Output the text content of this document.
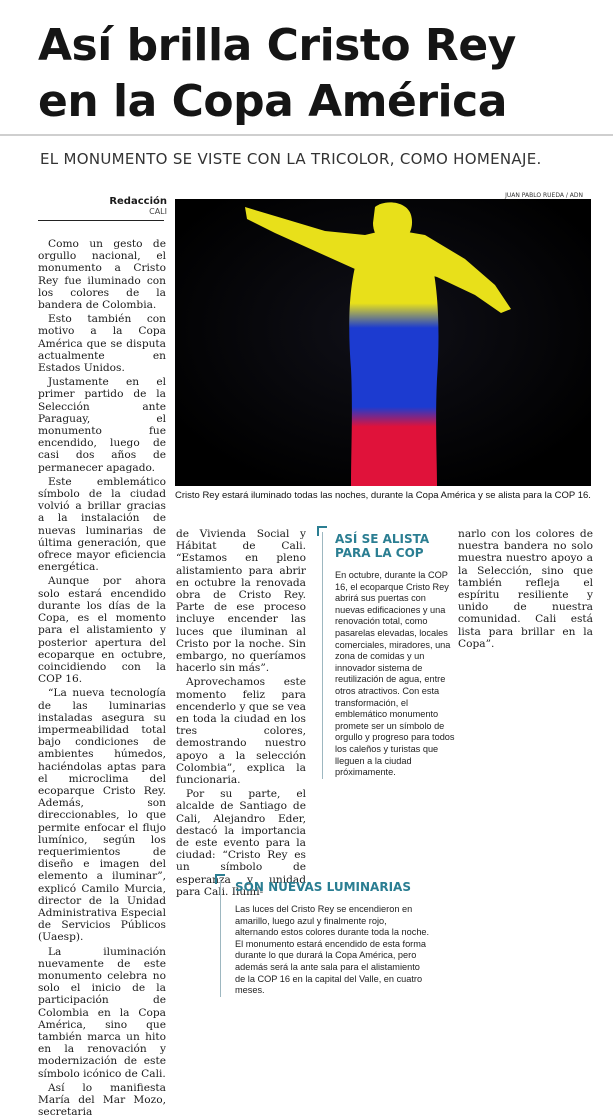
Así brilla Cristo Rey
en la Copa América
EL MONUMENTO SE VISTE CON LA TRICOLOR, COMO HOMENAJE.
Redacción
CALI
JUAN PABLO RUEDA / ADN
Cristo Rey estará iluminado todas las noches, durante la Copa América y se alista para la COP 16.

Como un gesto de orgullo nacional, el monumento a Cristo Rey fue iluminado con los colores de la bandera de Colombia.

Esto también con motivo a la Copa América que se disputa actualmente en Estados Unidos.

Justamente en el primer partido de la Selección ante Paraguay, el monumento fue encendido, luego de casi dos años de permanecer apagado.

Este emblemático símbolo de la ciudad volvió a brillar gracias a la instalación de nuevas luminarias de última generación, que ofrece mayor eficiencia energética.

Aunque por ahora solo estará encendido durante los días de la Copa, es el momento para el alistamiento y posterior apertura del ecoparque en octubre, coincidiendo con la COP 16.

“La nueva tecnología de las luminarias instaladas asegura su impermeabilidad total bajo condiciones de ambientes húmedos, haciéndolas aptas para el microclima del ecoparque Cristo Rey. Además, son direccionables, lo que permite enfocar el flujo lumínico, según los requerimientos de diseño e imagen del elemento a iluminar”, explicó Camilo Murcia, director de la Unidad Administrativa Especial de Servicios Públicos (Uaesp).

La iluminación nuevamente de este monumento celebra no solo el inicio de la participación de Colombia en la Copa América, sino que también marca un hito en la renovación y modernización de este símbolo icónico de Cali.

Así lo manifiesta María del Mar Mozo, secretaria

de Vivienda Social y Hábitat de Cali. “Estamos en pleno alistamiento para abrir en octubre la renovada obra de Cristo Rey. Parte de ese proceso incluye encender las luces que iluminan al Cristo por la noche. Sin embargo, no queríamos hacerlo sin más”.

Aprovechamos este momento feliz para encenderlo y que se vea en toda la ciudad en los tres colores, demostrando nuestro apoyo a la selección Colombia”, explica la funcionaria.

Por su parte, el alcalde de Santiago de Cali, Alejandro Eder, destacó la importancia de este evento para la ciudad: “Cristo Rey es un símbolo de esperanza y unidad para Cali. Ilumi-

ASÍ SE ALISTA PARA LA COP
En octubre, durante la COP 16, el ecoparque Cristo Rey abrirá sus puertas con nuevas edificaciones y una renovación total, como pasarelas elevadas, locales comerciales, miradores, una zona de comidas y un innovador sistema de reutilización de agua, entre otros atractivos. Con esta transformación, el emblemático monumento promete ser un símbolo de orgullo y progreso para todos los caleños y turistas que lleguen a la ciudad próximamente.

narlo con los colores de nuestra bandera no solo muestra nuestro apoyo a la Selección, sino que también refleja el espíritu resiliente y unido de nuestra comunidad. Cali está lista para brillar en la Copa”.

SON NUEVAS LUMINARIAS
Las luces del Cristo Rey se encendieron en amarillo, luego azul y finalmente rojo, alternando estos colores durante toda la noche. El monumento estará encendido de esta forma durante lo que durará la Copa América, pero además será la ante sala para el alistamiento de la COP 16 en la capital del Valle, en cuatro meses.
